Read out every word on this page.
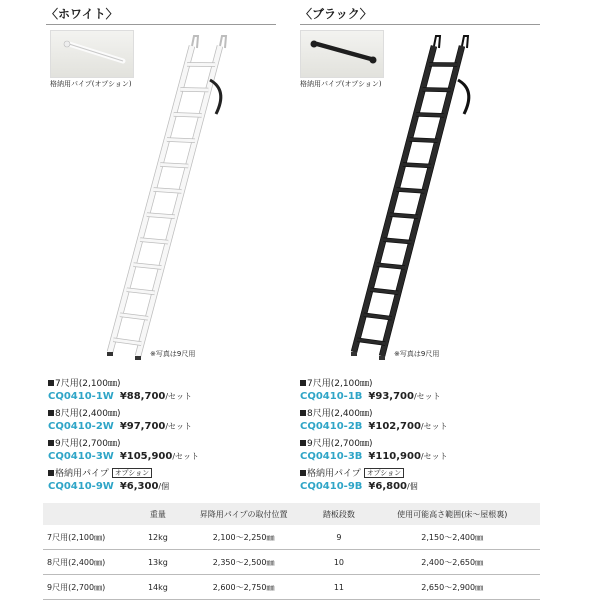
〈ホワイト〉
格納用パイプ(オプション)
※写真は9尺用
7尺用(2,100㎜)
CQ0410-1W ¥88,700/セット
8尺用(2,400㎜)
CQ0410-2W ¥97,700/セット
9尺用(2,700㎜)
CQ0410-3W ¥105,900/セット
格納用パイプ オプション
CQ0410-9W ¥6,300/個
〈ブラック〉
格納用パイプ(オプション)
※写真は9尺用
7尺用(2,100㎜)
CQ0410-1B ¥93,700/セット
8尺用(2,400㎜)
CQ0410-2B ¥102,700/セット
9尺用(2,700㎜)
CQ0410-3B ¥110,900/セット
格納用パイプ オプション
CQ0410-9B ¥6,800/個
	重量	昇降用パイプの取付位置	踏板段数	使用可能高さ範囲(床～屋根裏)
7尺用(2,100㎜)	12kg	2,100～2,250㎜	9	2,150～2,400㎜
8尺用(2,400㎜)	13kg	2,350～2,500㎜	10	2,400～2,650㎜
9尺用(2,700㎜)	14kg	2,600～2,750㎜	11	2,650～2,900㎜
